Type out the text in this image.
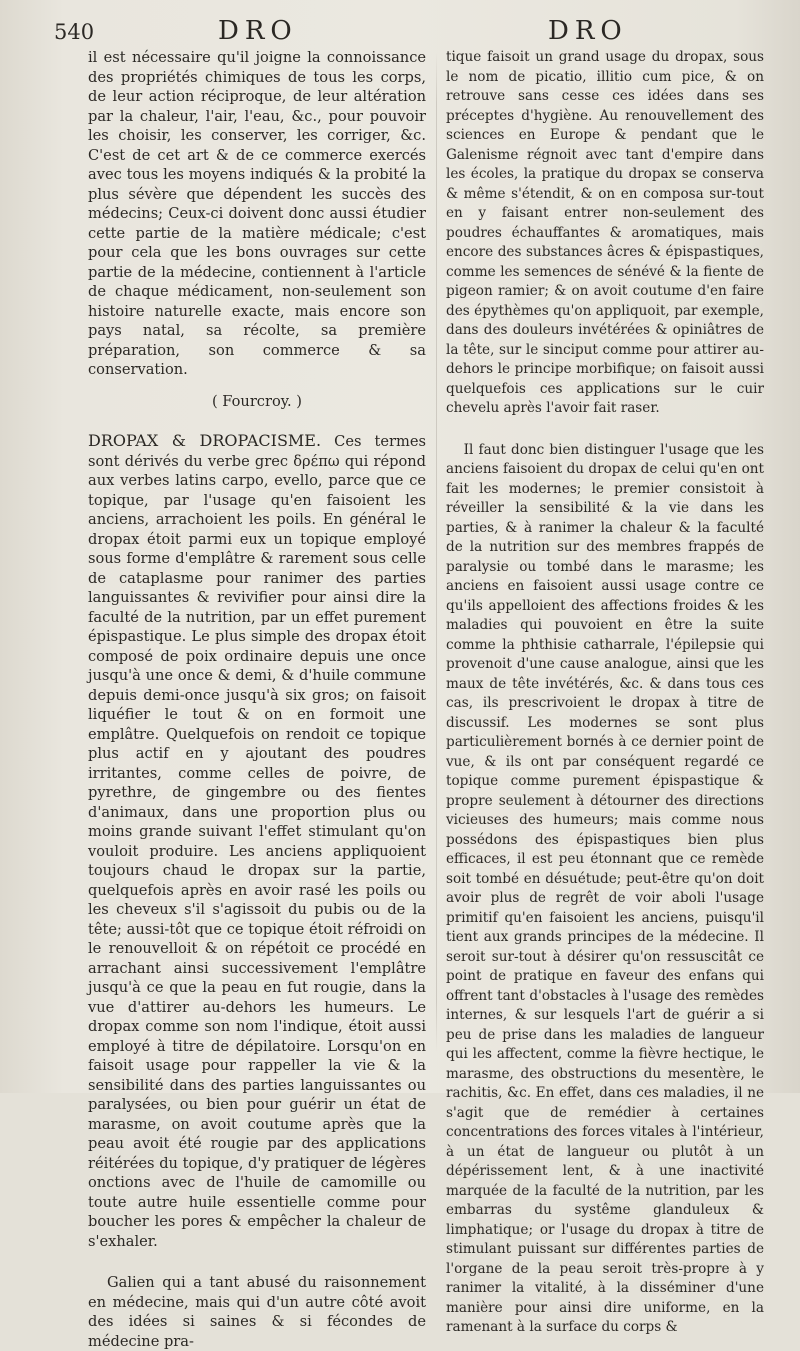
540	DRO	DRO

il est nécessaire qu'il joigne la connoissance des propriétés chimiques de tous les corps, de leur action réciproque, de leur altération par la chaleur, l'air, l'eau, &c., pour pouvoir les choisir, les conserver, les corriger, &c. C'est de cet art & de ce commerce exercés avec tous les moyens indiqués & la probité la plus sévère que dépendent les succès des médecins; Ceux-ci doivent donc aussi étudier cette partie de la matière médicale; c'est pour cela que les bons ouvrages sur cette partie de la médecine, contiennent à l'article de chaque médicament, non-seulement son histoire naturelle exacte, mais encore son pays natal, sa récolte, sa première préparation, son commerce & sa conservation.

( Fourcroy. )

DROPAX & DROPACISME. Ces termes sont dérivés du verbe grec δρέπω qui répond aux verbes latins carpo, evello, parce que ce topique, par l'usage qu'en faisoient les anciens, arrachoient les poils. En général le dropax étoit parmi eux un topique employé sous forme d'emplâtre & rarement sous celle de cataplasme pour ranimer des parties languissantes & revivifier pour ainsi dire la faculté de la nutrition, par un effet purement épispastique. Le plus simple des dropax étoit composé de poix ordinaire depuis une once jusqu'à une once & demi, & d'huile commune depuis demi-once jusqu'à six gros; on faisoit liquéfier le tout & on en formoit une emplâtre. Quelquefois on rendoit ce topique plus actif en y ajoutant des poudres irritantes, comme celles de poivre, de pyrethre, de gingembre ou des fientes d'animaux, dans une proportion plus ou moins grande suivant l'effet stimulant qu'on vouloit produire. Les anciens appliquoient toujours chaud le dropax sur la partie, quelquefois après en avoir rasé les poils ou les cheveux s'il s'agissoit du pubis ou de la tête; aussi-tôt que ce topique étoit réfroidi on le renouvelloit & on répétoit ce procédé en arrachant ainsi successivement l'emplâtre jusqu'à ce que la peau en fut rougie, dans la vue d'attirer au-dehors les humeurs. Le dropax comme son nom l'indique, étoit aussi employé à titre de dépilatoire. Lorsqu'on en faisoit usage pour rappeller la vie & la sensibilité dans des parties languissantes ou paralysées, ou bien pour guérir un état de marasme, on avoit coutume après que la peau avoit été rougie par des applications réitérées du topique, d'y pratiquer de légères onctions avec de l'huile de camomille ou toute autre huile essentielle comme pour boucher les pores & empêcher la chaleur de s'exhaler.

Galien qui a tant abusé du raisonnement en médecine, mais qui d'un autre côté avoit des idées si saines & si fécondes de médecine pra-

tique faisoit un grand usage du dropax, sous le nom de picatio, illitio cum pice, & on retrouve sans cesse ces idées dans ses préceptes d'hygiène. Au renouvellement des sciences en Europe & pendant que le Galenisme régnoit avec tant d'empire dans les écoles, la pratique du dropax se conserva & même s'étendit, & on en composa sur-tout en y faisant entrer non-seulement des poudres échauffantes & aromatiques, mais encore des substances âcres & épispastiques, comme les semences de sénévé & la fiente de pigeon ramier; & on avoit coutume d'en faire des épythèmes qu'on appliquoit, par exemple, dans des douleurs invétérées & opiniâtres de la tête, sur le sinciput comme pour attirer au-dehors le principe morbifique; on faisoit aussi quelquefois ces applications sur le cuir chevelu après l'avoir fait raser.

Il faut donc bien distinguer l'usage que les anciens faisoient du dropax de celui qu'en ont fait les modernes; le premier consistoit à réveiller la sensibilité & la vie dans les parties, & à ranimer la chaleur & la faculté de la nutrition sur des membres frappés de paralysie ou tombé dans le marasme; les anciens en faisoient aussi usage contre ce qu'ils appelloient des affections froides & les maladies qui pouvoient en être la suite comme la phthisie catharrale, l'épilepsie qui provenoit d'une cause analogue, ainsi que les maux de tête invétérés, &c. & dans tous ces cas, ils prescrivoient le dropax à titre de discussif. Les modernes se sont plus particulièrement bornés à ce dernier point de vue, & ils ont par conséquent regardé ce topique comme purement épispastique & propre seulement à détourner des directions vicieuses des humeurs; mais comme nous possédons des épispastiques bien plus efficaces, il est peu étonnant que ce remède soit tombé en désuétude; peut-être qu'on doit avoir plus de regrêt de voir aboli l'usage primitif qu'en faisoient les anciens, puisqu'il tient aux grands principes de la médecine. Il seroit sur-tout à désirer qu'on ressuscitât ce point de pratique en faveur des enfans qui offrent tant d'obstacles à l'usage des remèdes internes, & sur lesquels l'art de guérir a si peu de prise dans les maladies de langueur qui les affectent, comme la fièvre hectique, le marasme, des obstructions du mesentère, le rachitis, &c. En effet, dans ces maladies, il ne s'agit que de remédier à certaines concentrations des forces vitales à l'intérieur, à un état de langueur ou plutôt à un dépérissement lent, & à une inactivité marquée de la faculté de la nutrition, par les embarras du systême glanduleux & limphatique; or l'usage du dropax à titre de stimulant puissant sur différentes parties de l'organe de la peau seroit très-propre à y ranimer la vitalité, à la disséminer d'une manière pour ainsi dire uniforme, en la ramenant à la surface du corps &
